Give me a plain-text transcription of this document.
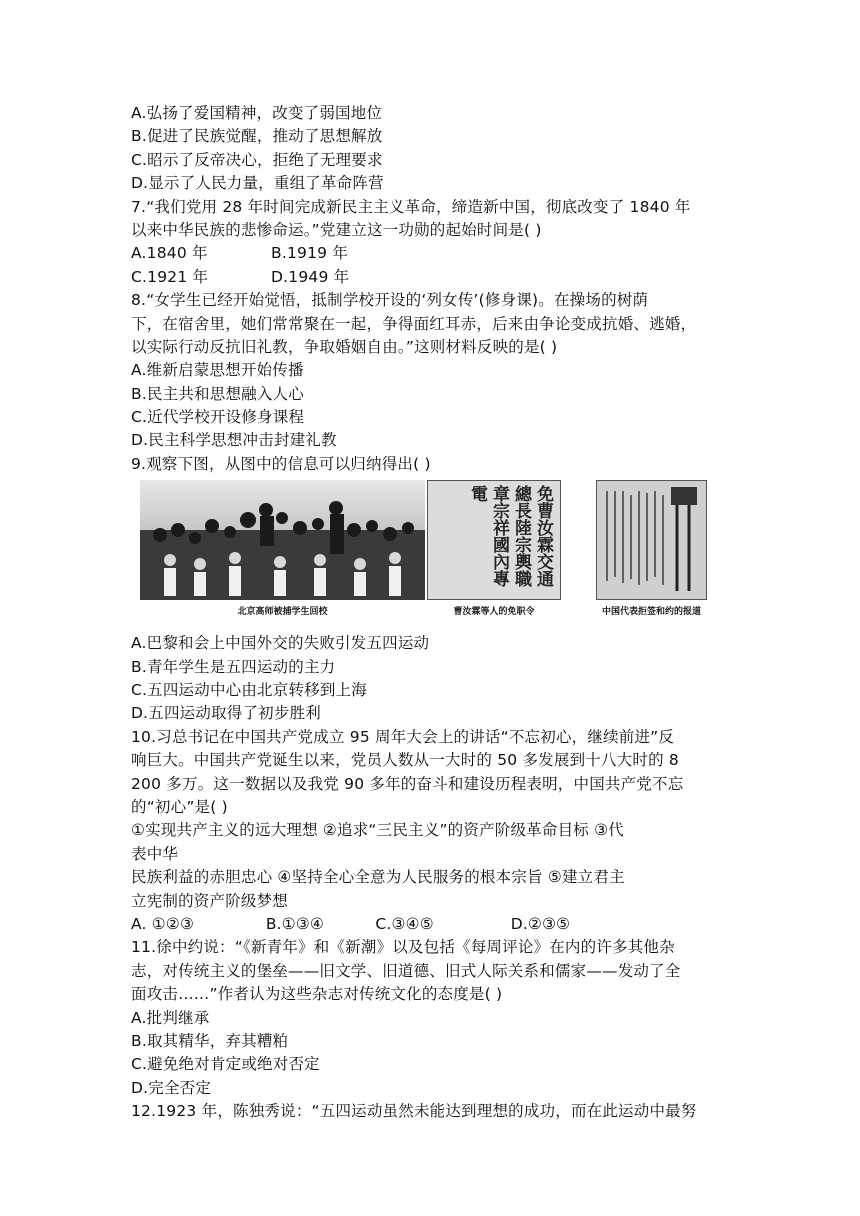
A.弘扬了爱国精神，改变了弱国地位
B.促进了民族觉醒，推动了思想解放
C.昭示了反帝决心，拒绝了无理要求
D.显示了人民力量，重组了革命阵营
7.“我们党用 28 年时间完成新民主主义革命，缔造新中国，彻底改变了 1840 年
以来中华民族的悲惨命运。”党建立这一功勋的起始时间是( )
A.1840 年	B.1919 年
C.1921 年	D.1949 年
8.“女学生已经开始觉悟，抵制学校开设的‘列女传’(修身课)。在操场的树荫
下，在宿舍里，她们常常聚在一起，争得面红耳赤，后来由争论变成抗婚、逃婚，
以实际行动反抗旧礼教，争取婚姻自由。”这则材料反映的是( )
A.维新启蒙思想开始传播
B.民主共和思想融入人心
C.近代学校开设修身课程
D.民主科学思想冲击封建礼教
9.观察下图，从图中的信息可以归纳得出( )
北京高师被捕学生回校
免曹汝霖交通總長陸宗輿職章宗祥國內專電
曹汝霖等人的免职令	中国代表拒签和约的报道
A.巴黎和会上中国外交的失败引发五四运动
B.青年学生是五四运动的主力
C.五四运动中心由北京转移到上海
D.五四运动取得了初步胜利
10.习总书记在中国共产党成立 95 周年大会上的讲话“不忘初心，继续前进”反
响巨大。中国共产党诞生以来，党员人数从一大时的 50 多发展到十八大时的 8
200 多万。这一数据以及我党 90 多年的奋斗和建设历程表明，中国共产党不忘
的“初心”是( )
①实现共产主义的远大理想 ②追求“三民主义”的资产阶级革命目标 ③代
表中华
民族利益的赤胆忠心 ④坚持全心全意为人民服务的根本宗旨 ⑤建立君主
立宪制的资产阶级梦想
A. ①②③              B.①③④          C.③④⑤               D.②③⑤
11.徐中约说：“《新青年》和《新潮》以及包括《每周评论》在内的许多其他杂
志，对传统主义的堡垒——旧文学、旧道德、旧式人际关系和儒家——发动了全
面攻击……”作者认为这些杂志对传统文化的态度是( )
A.批判继承
B.取其精华，弃其糟粕
C.避免绝对肯定或绝对否定
D.完全否定
12.1923 年，陈独秀说：“五四运动虽然未能达到理想的成功，而在此运动中最努
